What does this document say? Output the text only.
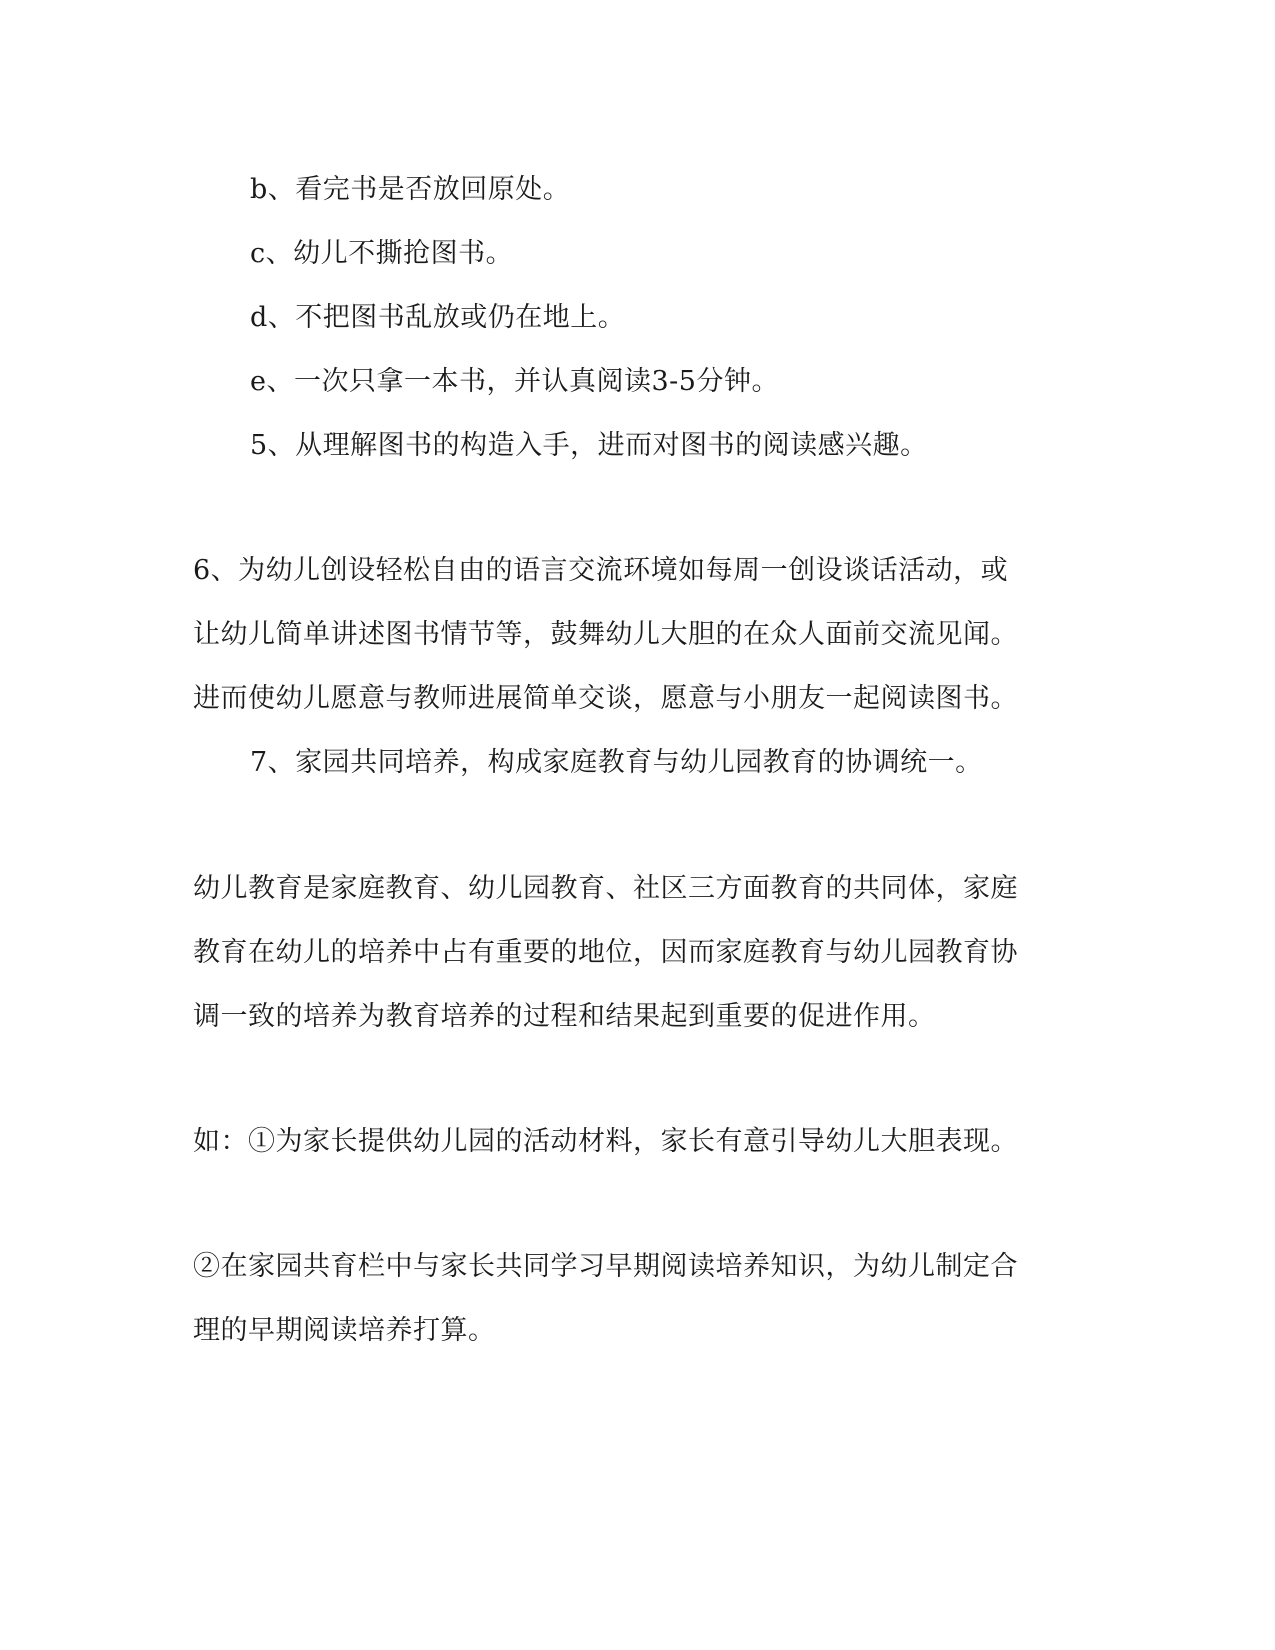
b、看完书是否放回原处。
c、幼儿不撕抢图书。
d、不把图书乱放或仍在地上。
e、一次只拿一本书，并认真阅读3-5分钟。
5、从理解图书的构造入手，进而对图书的阅读感兴趣。
6、为幼儿创设轻松自由的语言交流环境如每周一创设谈话活动，或
让幼儿简单讲述图书情节等，鼓舞幼儿大胆的在众人面前交流见闻。
进而使幼儿愿意与教师进展简单交谈，愿意与小朋友一起阅读图书。
7、家园共同培养，构成家庭教育与幼儿园教育的协调统一。
幼儿教育是家庭教育、幼儿园教育、社区三方面教育的共同体，家庭
教育在幼儿的培养中占有重要的地位，因而家庭教育与幼儿园教育协
调一致的培养为教育培养的过程和结果起到重要的促进作用。
如：①为家长提供幼儿园的活动材料，家长有意引导幼儿大胆表现。
②在家园共育栏中与家长共同学习早期阅读培养知识，为幼儿制定合
理的早期阅读培养打算。
